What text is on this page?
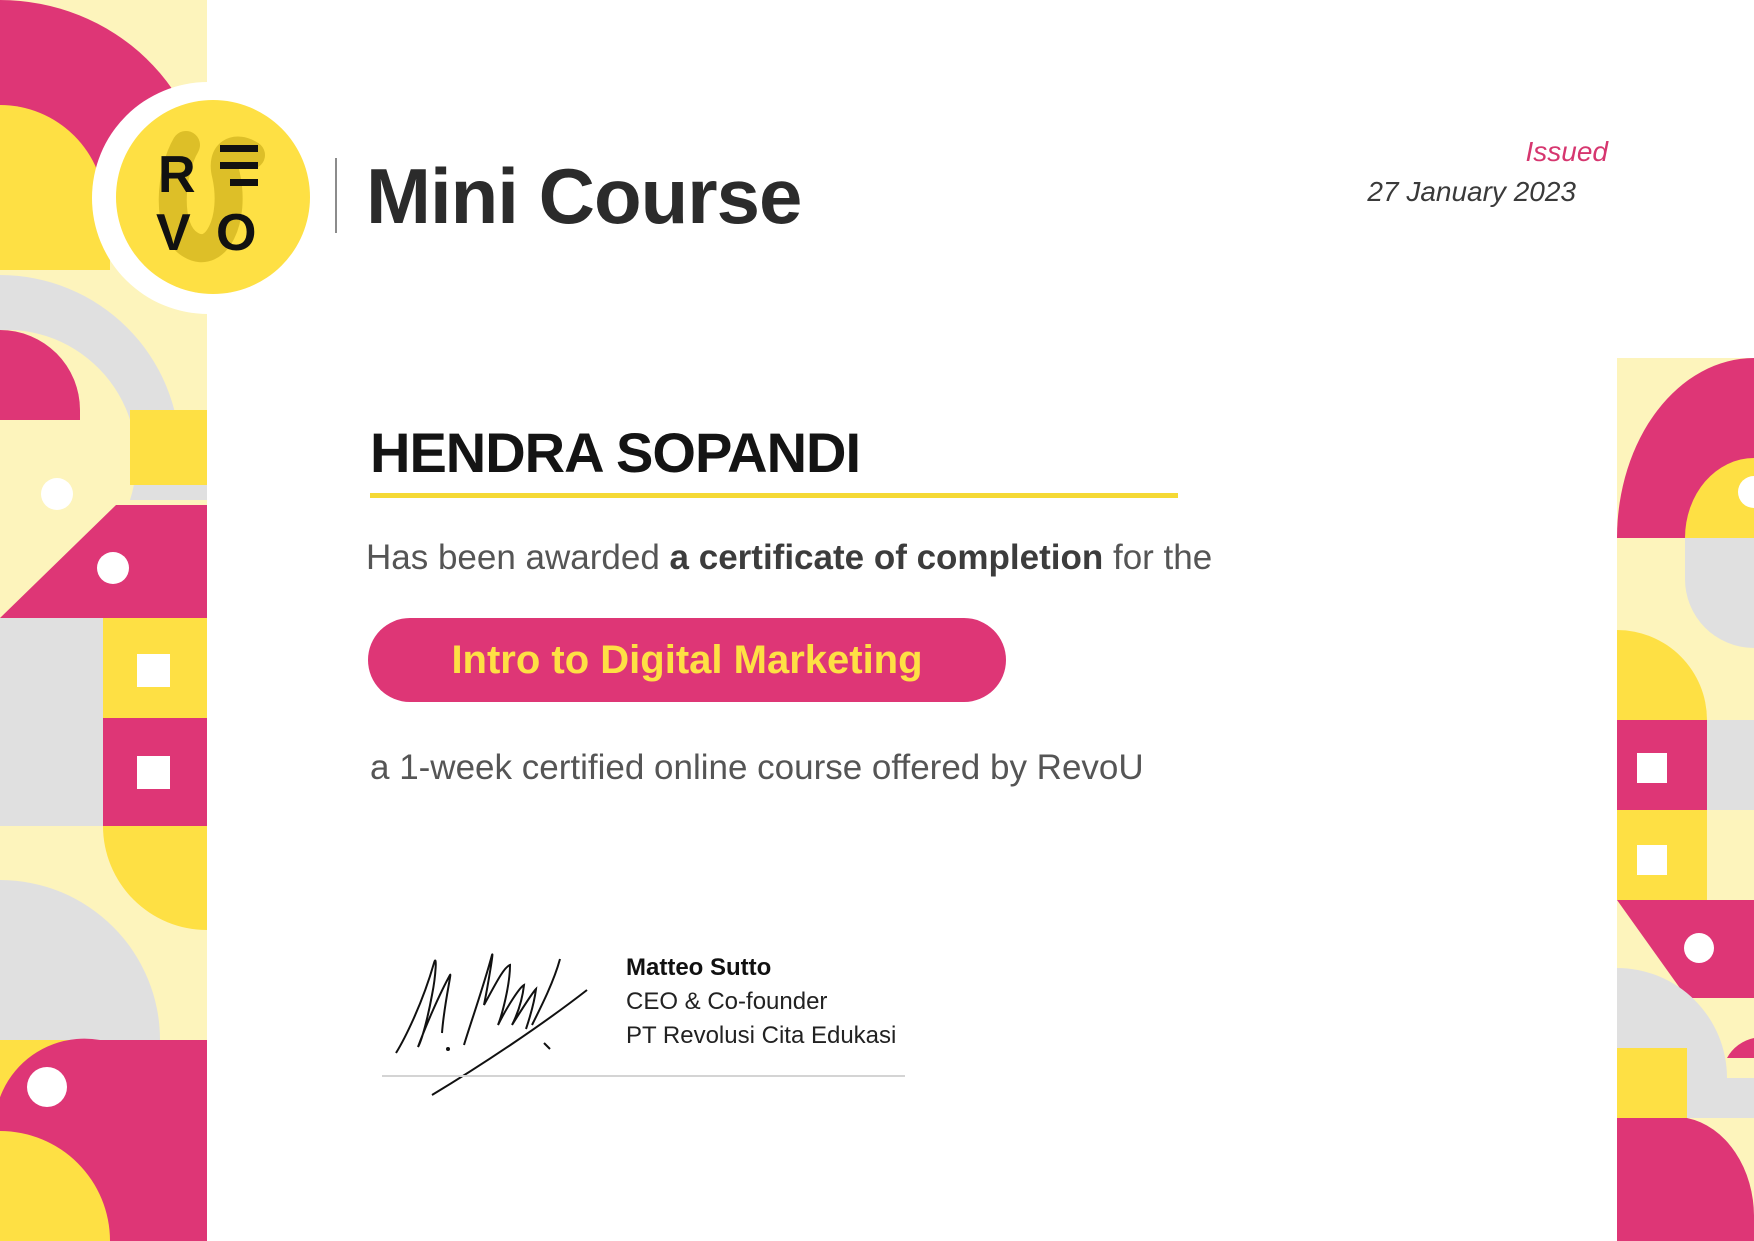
R
V O Mini Course
Issued
27 January 2023
HENDRA SOPANDI
Has been awarded a certificate of completion for the
Intro to Digital Marketing
a 1-week certified online course offered by RevoU
Matteo Sutto
CEO & Co-founder
PT Revolusi Cita Edukasi
